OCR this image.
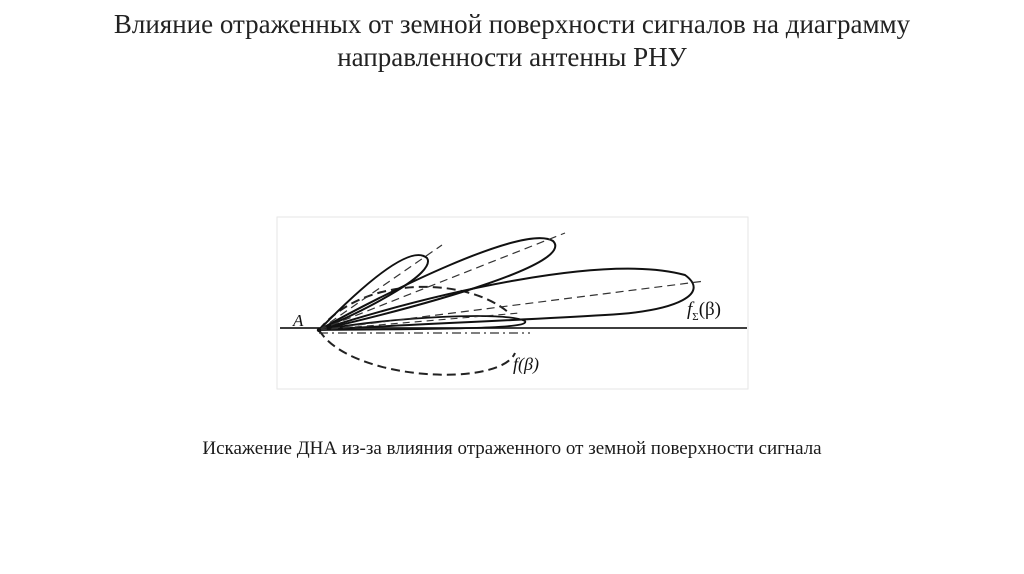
Влияние отраженных от земной поверхности сигналов на диаграмму
направленности антенны РНУ
A
$f_\Sigma(\beta)$
f(β)
Искажение ДНА из-за влияния отраженного от земной поверхности сигнала
